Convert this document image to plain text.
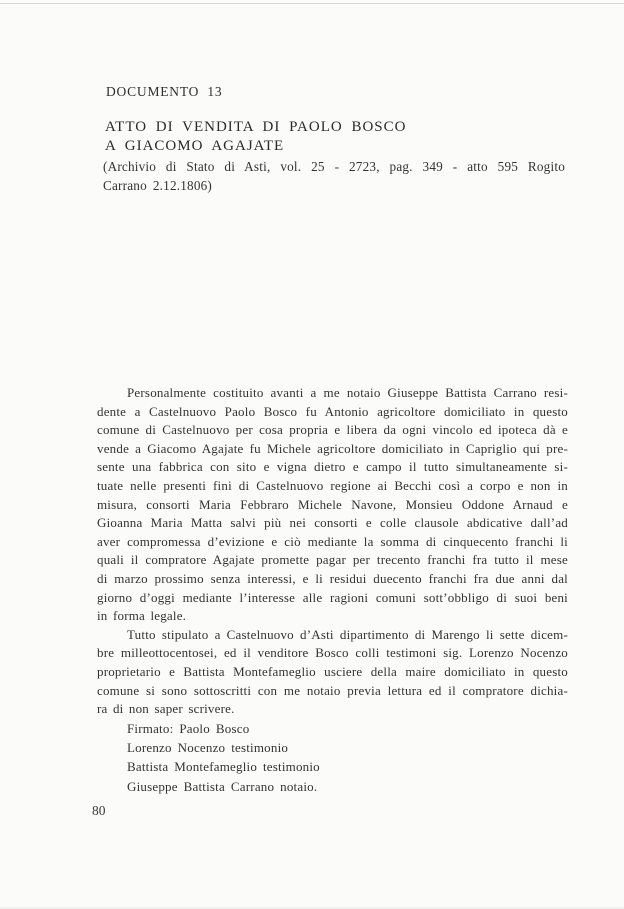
DOCUMENTO 13
ATTO DI VENDITA DI PAOLO BOSCO
A GIACOMO AGAJATE
(Archivio di Stato di Asti, vol. 25 - 2723, pag. 349 - atto 595 Rogito
Carrano 2.12.1806)
Personalmente costituito avanti a me notaio Giuseppe Battista Carrano resi-
dente a Castelnuovo Paolo Bosco fu Antonio agricoltore domiciliato in questo
comune di Castelnuovo per cosa propria e libera da ogni vincolo ed ipoteca dà e
vende a Giacomo Agajate fu Michele agricoltore domiciliato in Capriglio qui pre-
sente una fabbrica con sito e vigna dietro e campo il tutto simultaneamente si-
tuate nelle presenti fini di Castelnuovo regione ai Becchi così a corpo e non in
misura, consorti Maria Febbraro Michele Navone, Monsieu Oddone Arnaud e
Gioanna Maria Matta salvi più nei consorti e colle clausole abdicative dall’ad
aver compromessa d’evizione e ciò mediante la somma di cinquecento franchi li
quali il compratore Agajate promette pagar per trecento franchi fra tutto il mese
di marzo prossimo senza interessi, e li residui duecento franchi fra due anni dal
giorno d’oggi mediante l’interesse alle ragioni comuni sott’obbligo di suoi beni
in forma legale.
Tutto stipulato a Castelnuovo d’Asti dipartimento di Marengo li sette dicem-
bre milleottocentosei, ed il venditore Bosco colli testimoni sig. Lorenzo Nocenzo
proprietario e Battista Montefameglio usciere della maire domiciliato in questo
comune si sono sottoscritti con me notaio previa lettura ed il compratore dichia-
ra di non saper scrivere.
Firmato: Paolo Bosco
Lorenzo Nocenzo testimonio
Battista Montefameglio testimonio
Giuseppe Battista Carrano notaio.
80
